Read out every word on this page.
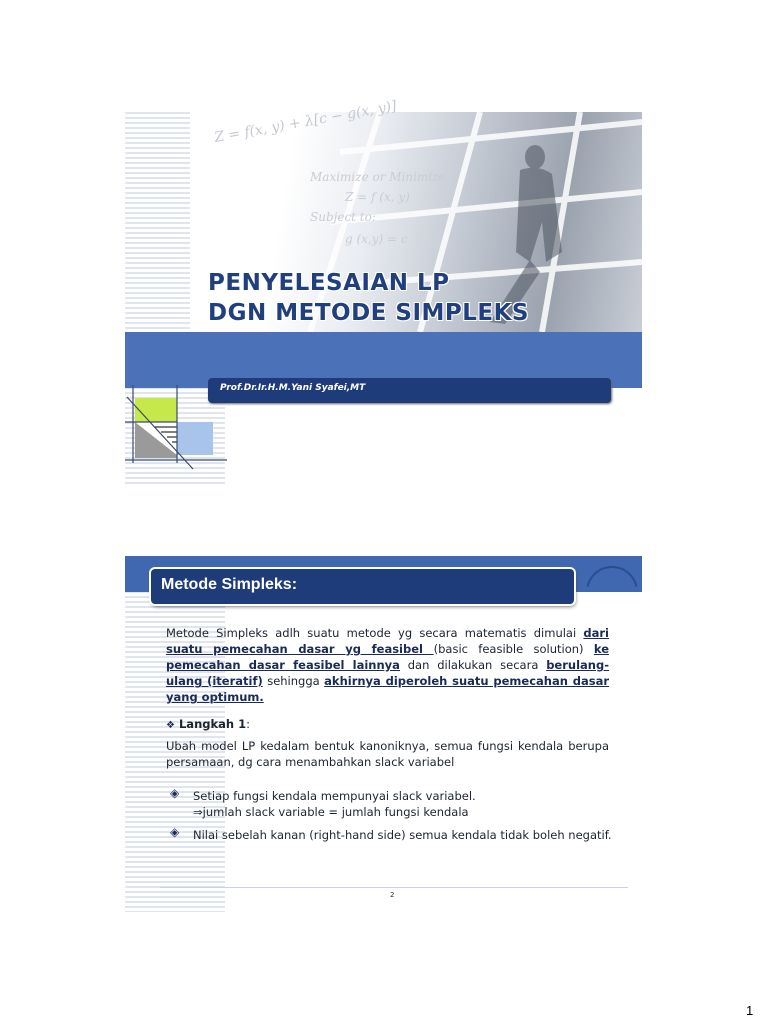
Z = f(x, y) + λ[c − g(x, y)]
Maximize or Minimize
Z = f (x, y)
Subject to:
g (x,y) = c
PENYELESAIAN LP
DGN METODE SIMPLEKS
Prof.Dr.Ir.H.M.Yani Syafei,MT
Metode Simpleks:
Metode Simpleks adlh suatu metode yg secara matematis dimulai dari suatu pemecahan dasar yg feasibel (basic feasible solution) ke pemecahan dasar feasibel lainnya dan dilakukan secara berulang-ulang (iteratif) sehingga akhirnya diperoleh suatu pemecahan dasar yang optimum.
❖ Langkah 1:
Ubah model LP kedalam bentuk kanoniknya, semua fungsi kendala berupa persamaan, dg cara menambahkan slack variabel
◈ Setiap fungsi kendala mempunyai slack variabel.
⇒jumlah slack variable = jumlah fungsi kendala
◈ Nilai sebelah kanan (right-hand side) semua kendala tidak boleh negatif.
2
1
